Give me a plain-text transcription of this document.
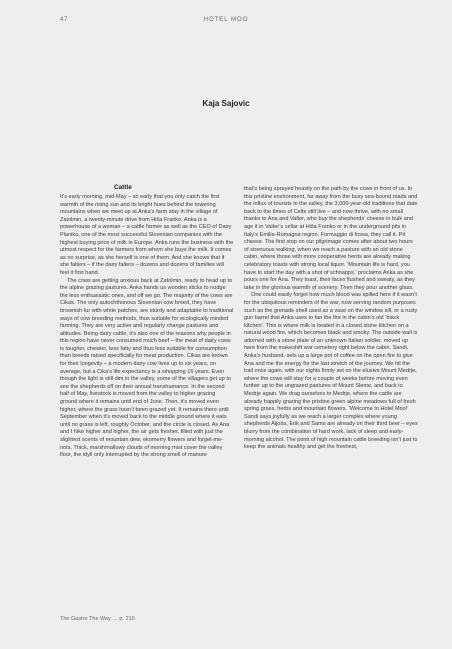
47	HOTEL MOO
Kaja Sajovic
Cattle

It’s early morning, mid-May – so early that you only catch the first warmth of the rising sun and its bright hues behind the towering mountains when we meet up at Anka’s farm stay in the village of Zatolmin, a twenty-minute drive from Hiša Franko. Anka is a powerhouse of a woman – a cattle farmer as well as the CEO of Dairy Planika, one of the most successful Slovenian companies with the highest buying price of milk in Europe. Anka runs the business with the utmost respect for the farmers from whom she buys the milk. It comes as no surprise, as she herself is one of them. And she knows that if she falters – if the dairy falters – dozens and dozens of families will feel it first hand.

The cows are getting anxious back at Zatolmin, ready to head up to the alpine grazing pastures. Anka hands us wooden sticks to nudge the less enthusiastic ones, and off we go. The majority of the cows are Cikas. The only autochthonous Slovenian cow breed, they have brownish fur with white patches, are sturdy and adaptable to traditional ways of cow breeding methods, thus suitable for ecologically minded farming. They are very active and regularly change pastures and altitudes. Being dairy cattle, it’s also one of the reasons why people in this region have never consumed much beef – the meat of dairy cows is tougher, chewier, less fatty and thus less suitable for consumption than breeds raised specifically for meat production. Cikas are known for their longevity – a modern dairy cow lives up to six years, on average, but a Cika’s life expectancy is a whopping 16 years. Even though the light is still dim in the valley, some of the villagers get up to see the shepherds off on their annual transhumance. In the second half of May, livestock is moved from the valley to higher grazing ground where it remains until end of June. Then, it’s moved even higher, where the grass hasn’t been grazed yet. It remains there until September when it’s moved back to the middle ground where it eats until no grass is left, roughly October, and the circle is closed. As Ana and I hike higher and higher, the air gets fresher, filled with just the slightest scents of mountain dew, ekomerry flowers and forget-me-nots. Thick, marshmallowy clouds of morning mist cover the valley floor, the idyll only interrupted by the strong smell of manure

that’s being sprayed heavily on the path by the cows in front of us. In this pristine environment, far away from the busy sea-bound roads and the influx of tourists in the valley, the 3,000-year-old traditions that date back to the times of Celts still live – and now thrive, with no small thanks to Ana and Valter, who buy the shepherds’ cheese in bulk and age it in Valter’s cellar at Hiša Franko or in the underground pits in Italy’s Emilia-Romagna region. Formaggio di fossa, they call it. Pit cheese. The first stop on our pilgrimage comes after about two hours of strenuous walking, when we reach a pasture with an old stone cabin, where those with more cooperative herds are already making celebratory toasts with strong local liquor. ‘Mountain life is hard, you have to start the day with a shot of schnapps,’ proclaims Anka as she pours one for Ana. They toast, their faces flushed and sweaty, as they take in the glorious warmth of scenery. Then they pour another glass.

One could easily forget how much blood was spilled here if it wasn’t for the ubiquitous reminders of the war, now serving random purposes such as the grenade shell used as a vase on the window sill, or a rusty gun barrel that Anka uses to fan the fire in the cabin’s old ‘black kitchen’. This is where milk is heated in a closed stone kitchen on a natural wood fire, which becomes black and smoky. The outside wall is adorned with a stone plate of an unknown Italian soldier, moved up here from the makeshift war cemetery right below the cabin. Sandi, Anka’s husband, sets up a large pot of coffee on the open fire to give Ana and me the energy for the last stretch of the journey. We hit the trail once again, with our sights firmly set on the elusive Mount Medrje, where the cows will stay for a couple of weeks before moving even further up to the ungrazed pastures of Mount Sleme, and back to Medrje again. We drag ourselves to Medrje, where the cattle are already happily grazing the pristine green alpine meadows full of fresh spring grass, herbs and mountain flowers. ‘Welcome to Hotel Moo!’ Sandi says joyfully as we reach a larger complex where young shepherds Aljoša, Erik and Samo are already on their third beer – eyes blurry from the combination of hard work, lack of sleep and early-morning alcohol. The point of high mountain cattle breeding isn’t just to keep the animals healthy and get the freshest,

The Gastro The Way → p. 210
